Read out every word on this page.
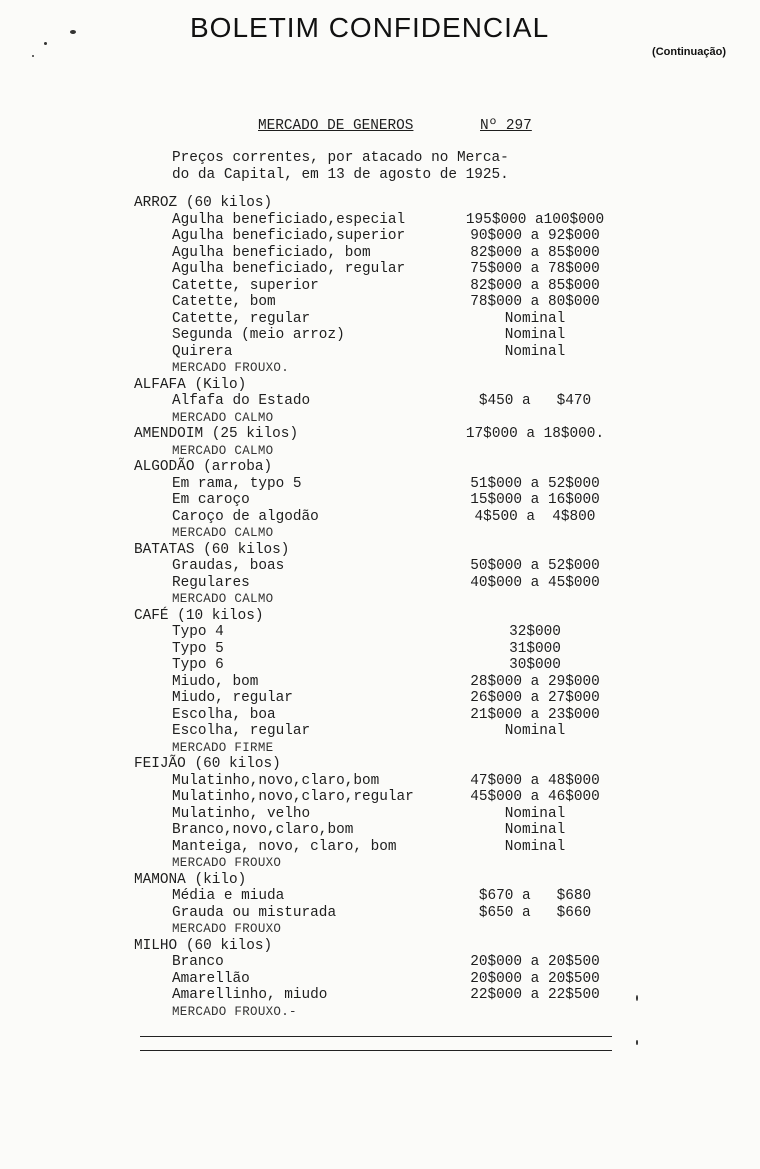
BOLETIM CONFIDENCIAL
(Continuação)
MERCADO DE GENEROS	Nº 297
Preços correntes, por atacado no Merca-
do da Capital, em 13 de agosto de 1925.
ARROZ (60 kilos)
Agulha beneficiado,especial	195$000 a100$000
Agulha beneficiado,superior	90$000 a 92$000
Agulha beneficiado, bom	82$000 a 85$000
Agulha beneficiado, regular	75$000 a 78$000
Catette, superior	82$000 a 85$000
Catette, bom	78$000 a 80$000
Catette, regular	Nominal
Segunda (meio arroz)	Nominal
Quirera	Nominal
MERCADO FROUXO.
ALFAFA (Kilo)
Alfafa do Estado	$450 a   $470
MERCADO CALMO
AMENDOIM (25 kilos)	17$000 a 18$000.
MERCADO CALMO
ALGODÃO (arroba)
Em rama, typo 5	51$000 a 52$000
Em caroço	15$000 a 16$000
Caroço de algodão	4$500 a  4$800
MERCADO CALMO
BATATAS (60 kilos)
Graudas, boas	50$000 a 52$000
Regulares	40$000 a 45$000
MERCADO CALMO
CAFÉ (10 kilos)
Typo 4	32$000
Typo 5	31$000
Typo 6	30$000
Miudo, bom	28$000 a 29$000
Miudo, regular	26$000 a 27$000
Escolha, boa	21$000 a 23$000
Escolha, regular	Nominal
MERCADO FIRME
FEIJÃO (60 kilos)
Mulatinho,novo,claro,bom	47$000 a 48$000
Mulatinho,novo,claro,regular	45$000 a 46$000
Mulatinho, velho	Nominal
Branco,novo,claro,bom	Nominal
Manteiga, novo, claro, bom	Nominal
MERCADO FROUXO
MAMONA (kilo)
Média e miuda	$670 a   $680
Grauda ou misturada	$650 a   $660
MERCADO FROUXO
MILHO (60 kilos)
Branco	20$000 a 20$500
Amarellão	20$000 a 20$500
Amarellinho, miudo	22$000 a 22$500
MERCADO FROUXO.-
